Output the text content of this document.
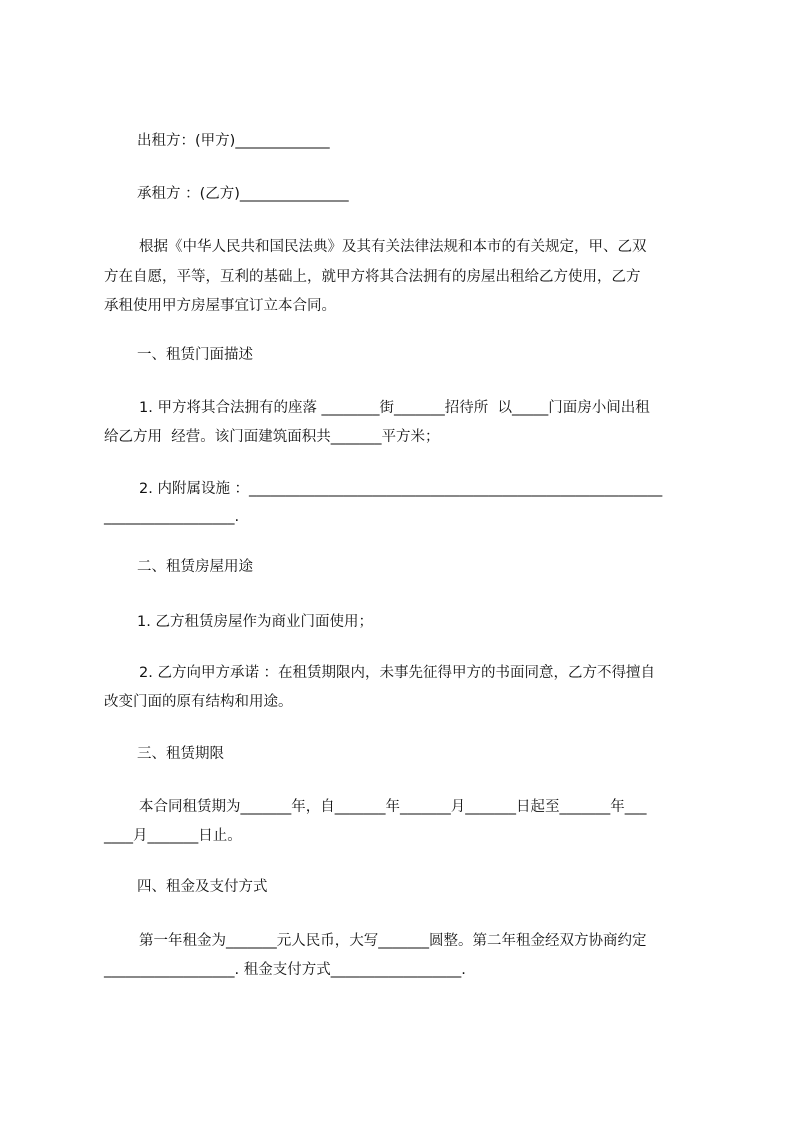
出租方：(甲方)_____________
承租方 ：(乙方)_______________
根据《中华人民共和国民法典》及其有关法律法规和本市的有关规定，甲、乙双
方在自愿，平等，互利的基础上，就甲方将其合法拥有的房屋出租给乙方使用，乙方
承租使用甲方房屋事宜订立本合同。
一、租赁门面描述
1. 甲方将其合法拥有的座落 ________街_______招待所  以_____门面房小间出租
给乙方用  经营。该门面建筑面积共_______平方米；
2. 内附属设施 ：_________________________________________________________
__________________.
二、租赁房屋用途
1. 乙方租赁房屋作为商业门面使用；
2. 乙方向甲方承诺 ：在租赁期限内，未事先征得甲方的书面同意，乙方不得擅自
改变门面的原有结构和用途。
三、租赁期限
本合同租赁期为_______年，自_______年_______月_______日起至_______年___
____月_______日止。
四、租金及支付方式
第一年租金为_______元人民币，大写_______圆整。第二年租金经双方协商约定
__________________. 租金支付方式__________________.
